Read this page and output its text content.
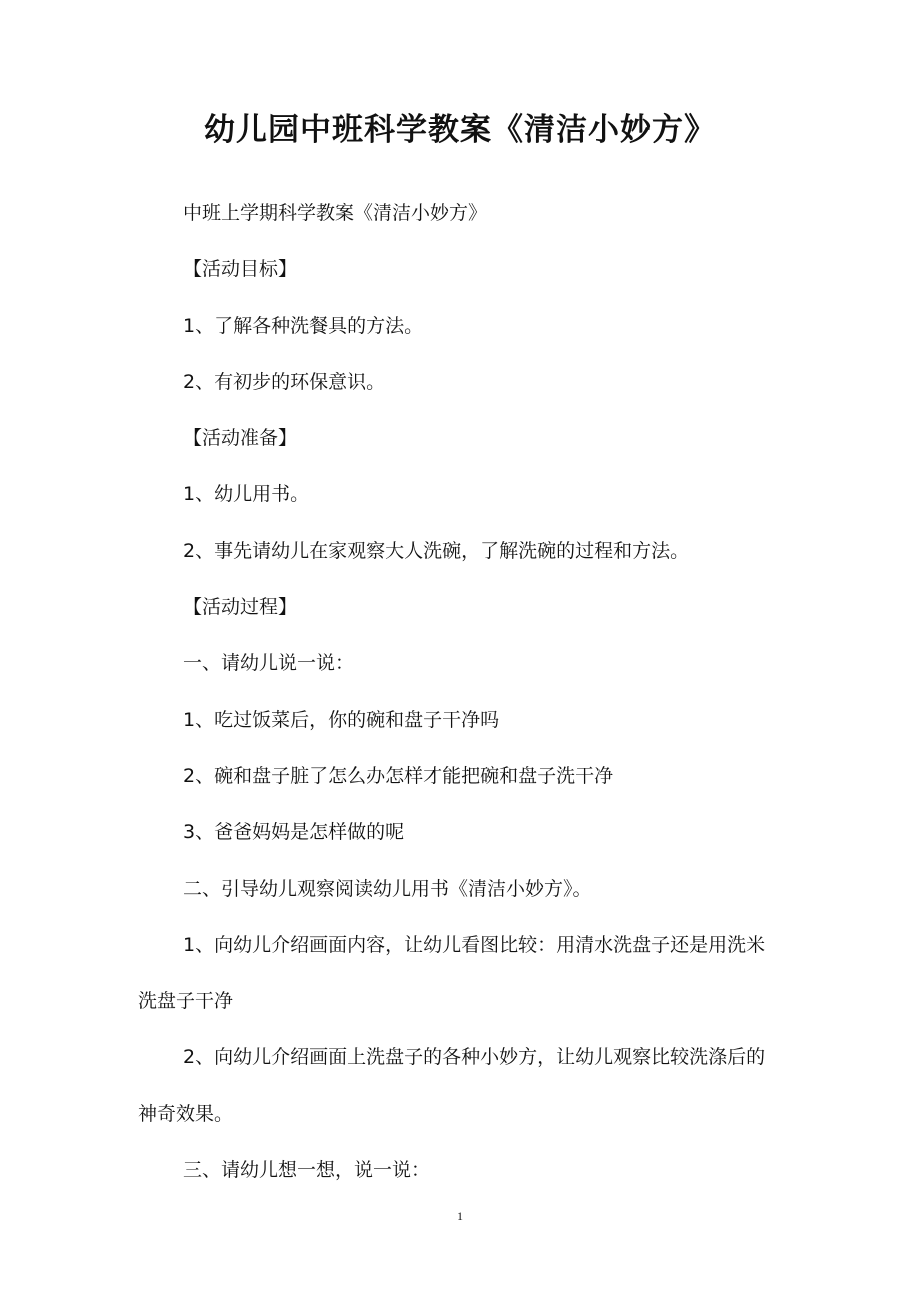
幼儿园中班科学教案《清洁小妙方》
中班上学期科学教案《清洁小妙方》
【活动目标】
1、了解各种洗餐具的方法。
2、有初步的环保意识。
【活动准备】
1、幼儿用书。
2、事先请幼儿在家观察大人洗碗，了解洗碗的过程和方法。
【活动过程】
一、请幼儿说一说：
1、吃过饭菜后，你的碗和盘子干净吗
2、碗和盘子脏了怎么办怎样才能把碗和盘子洗干净
3、爸爸妈妈是怎样做的呢
二、引导幼儿观察阅读幼儿用书《清洁小妙方》。
1、向幼儿介绍画面内容，让幼儿看图比较：用清水洗盘子还是用洗米洗盘子干净
2、向幼儿介绍画面上洗盘子的各种小妙方，让幼儿观察比较洗涤后的神奇效果。
三、请幼儿想一想，说一说：
1
